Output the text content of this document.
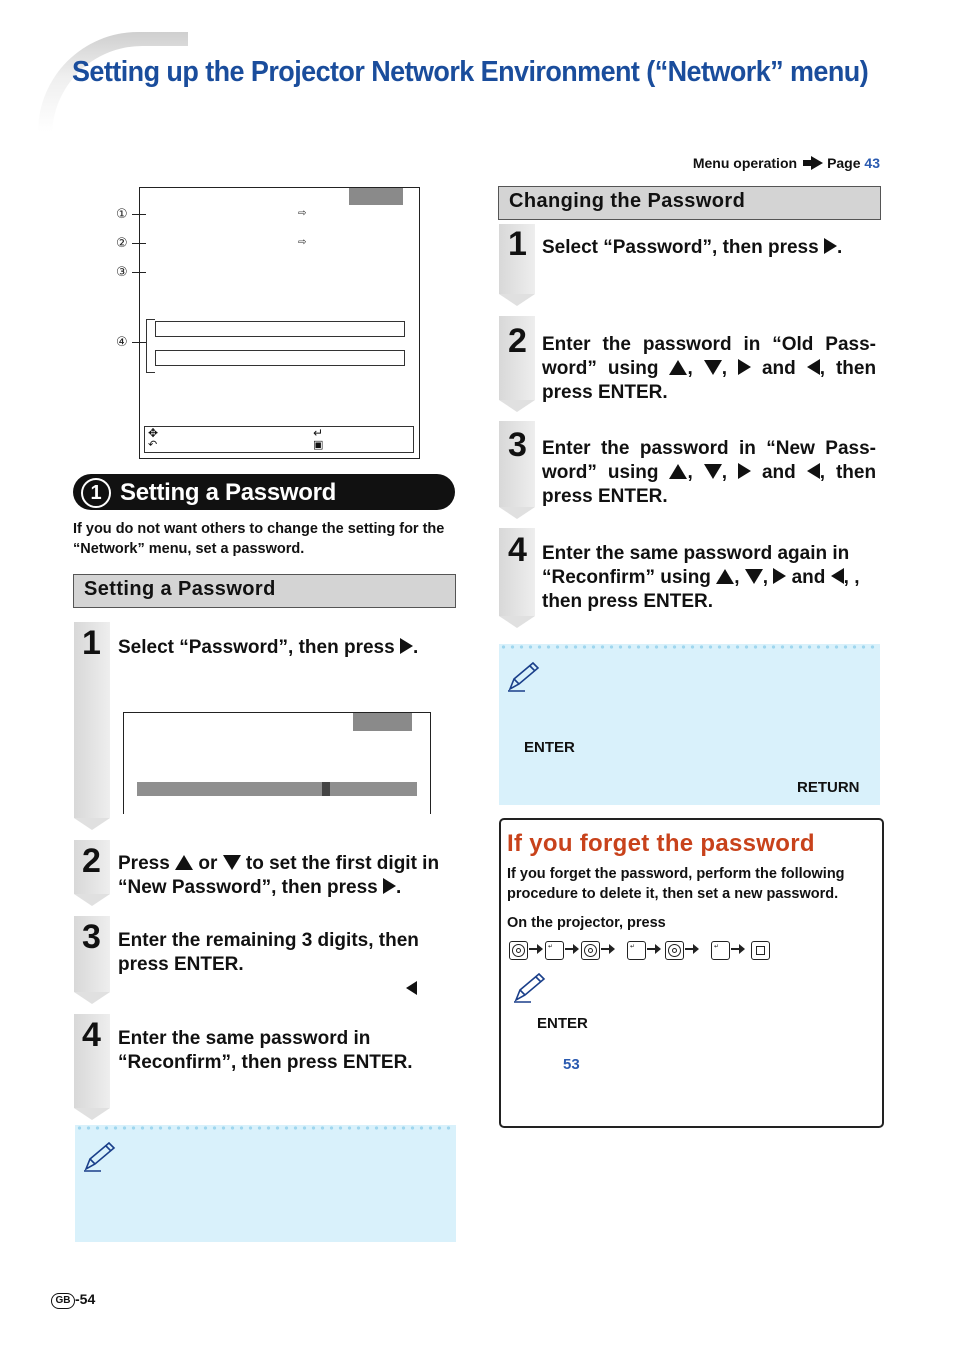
Setting up the Projector Network Environment (“Network” menu)
Menu operation Page 43
⇨
⇨
✥
↶
↵
▣
①
②
③
④
1 Setting a Password
If you do not want others to change the setting for the “Network” menu, set a password.
Setting a Password
1 Select “Password”, then press .
2 Press or to set the first digit in “New Password”, then press .
3 Enter the remaining 3 digits, then press ENTER.
4 Enter the same password in “Reconfirm”, then press ENTER.
Changing the Password
1 Select “Password”, then press .
2 Enter the password in “Old Pass-word” using , , and , then press ENTER.
3 Enter the password in “New Pass-word” using , , and , then press ENTER.
4 Enter the same password again in “Reconfirm” using , , and , , then press ENTER.
ENTER
RETURN
If you forget the password
If you forget the password, perform the following procedure to delete it, then set a new password.
On the projector, press
↵	↵	↵
ENTER
53
GB -54
